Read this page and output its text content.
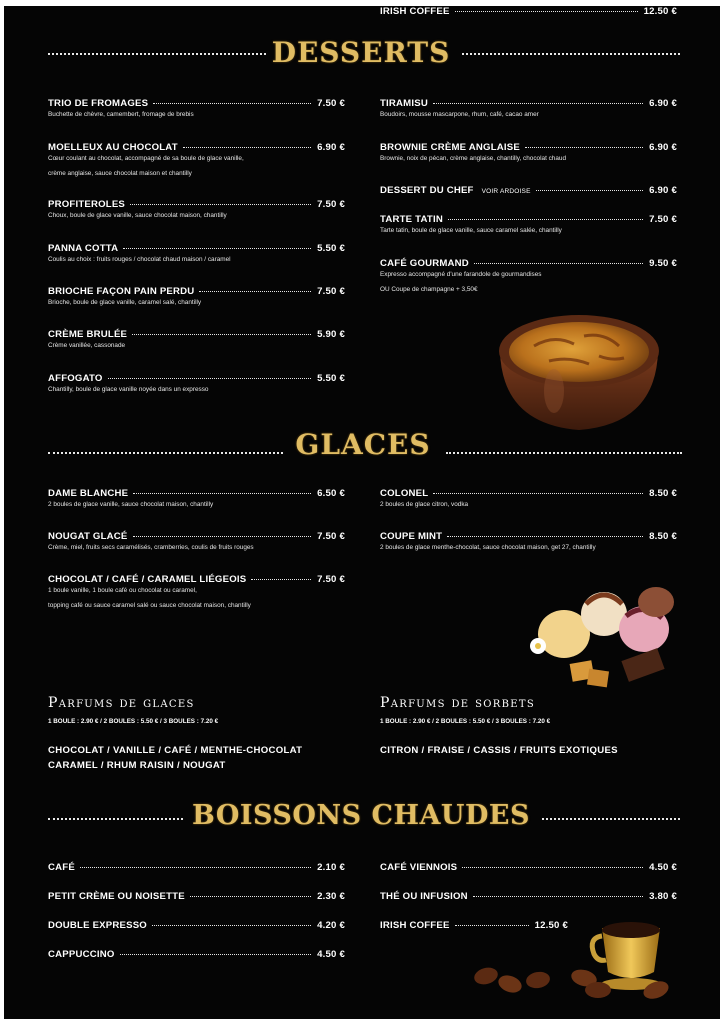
DESSERTS
TRIO DE FROMAGES	7.50 €
Buchette de chèvre, camembert, fromage de brebis
MOELLEUX AU CHOCOLAT	6.90 €
Cœur coulant au chocolat, accompagné de sa boule de glace vanille,
crème anglaise, sauce chocolat maison et chantilly
PROFITEROLES	7.50 €
Choux, boule de glace vanille, sauce chocolat maison, chantilly
PANNA COTTA	5.50 €
Coulis au choix : fruits rouges / chocolat chaud maison / caramel
BRIOCHE FAÇON PAIN PERDU	7.50 €
Brioche, boule de glace vanille, caramel salé, chantilly
CRÈME BRULÉE	5.90 €
Crème vanillée, cassonade
AFFOGATO	5.50 €
Chantilly, boule de glace vanille noyée dans un expresso
TIRAMISU	6.90 €
Boudoirs, mousse mascarpone, rhum, café, cacao amer
BROWNIE CRÈME ANGLAISE	6.90 €
Brownie, noix de pécan, crème anglaise, chantilly, chocolat chaud
DESSERT DU CHEF VOIR ARDOISE	6.90 €
TARTE TATIN	7.50 €
Tarte tatin, boule de glace vanille, sauce caramel salée, chantilly
CAFÉ GOURMAND	9.50 €
Expresso accompagné d'une farandole de gourmandises
OU Coupe de champagne + 3,50€
GLACES
DAME BLANCHE	6.50 €
2 boules de glace vanille, sauce chocolat maison, chantilly
NOUGAT GLACÉ	7.50 €
Crème, miel, fruits secs caramélisés, cramberries, coulis de fruits rouges
CHOCOLAT / CAFÉ / CARAMEL LIÉGEOIS	7.50 €
1 boule vanille, 1 boule café ou chocolat ou caramel,
topping café ou sauce caramel salé ou sauce chocolat maison, chantilly
COLONEL	8.50 €
2 boules de glace citron, vodka
COUPE MINT	8.50 €
2 boules de glace menthe-chocolat, sauce chocolat maison, get 27, chantilly
Parfums de glaces
1 BOULE : 2.90 € / 2 BOULES : 5.50 € / 3 BOULES : 7.20 €
CHOCOLAT / VANILLE / CAFÉ / MENTHE-CHOCOLAT
CARAMEL / RHUM RAISIN / NOUGAT
Parfums de sorbets
1 BOULE : 2.90 € / 2 BOULES : 5.50 € / 3 BOULES : 7.20 €
CITRON / FRAISE / CASSIS / FRUITS EXOTIQUES
BOISSONS CHAUDES
CAFÉ	2.10 €
PETIT CRÈME OU NOISETTE	2.30 €
DOUBLE EXPRESSO	4.20 €
CAPPUCCINO	4.50 €
CAFÉ VIENNOIS	4.50 €
THÉ OU INFUSION	3.80 €
IRISH COFFEE	12.50 €
IRISH COFFEE	12.50 €
